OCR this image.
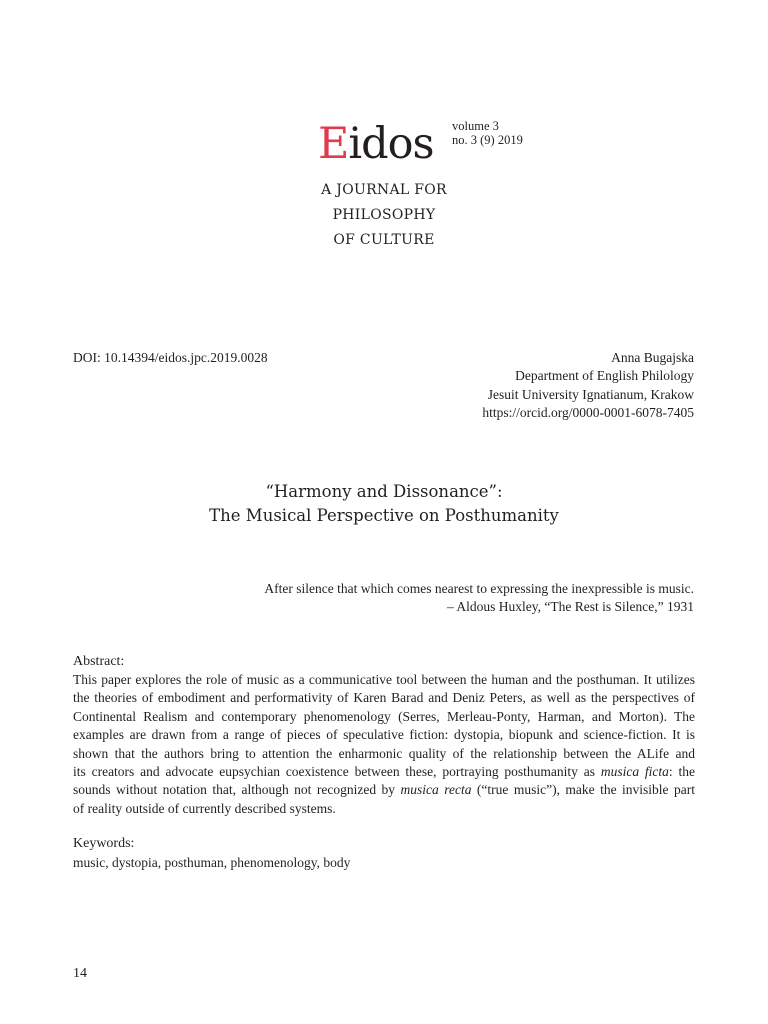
Eidos volume 3
no. 3 (9) 2019
A JOURNAL FOR
PHILOSOPHY
OF CULTURE
DOI: 10.14394/eidos.jpc.2019.0028	Anna Bugajska
Department of English Philology
Jesuit University Ignatianum, Krakow
https://orcid.org/0000-0001-6078-7405
“Harmony and Dissonance”:
The Musical Perspective on Posthumanity
After silence that which comes nearest to expressing the inexpressible is music.
– Aldous Huxley, “The Rest is Silence,” 1931
Abstract:
This paper explores the role of music as a communicative tool between the human and the posthuman. It utilizes
the theories of embodiment and performativity of Karen Barad and Deniz Peters, as well as the perspectives of
Continental Realism and contemporary phenomenology (Serres, Merleau-Ponty, Harman, and Morton). The
examples are drawn from a range of pieces of speculative fiction: dystopia, biopunk and science-fiction. It is
shown that the authors bring to attention the enharmonic quality of the relationship between the ALife and
its creators and advocate eupsychian coexistence between these, portraying posthumanity as musica ficta: the
sounds without notation that, although not recognized by musica recta (“true music”), make the invisible part
of reality outside of currently described systems.
Keywords:
music, dystopia, posthuman, phenomenology, body
14
